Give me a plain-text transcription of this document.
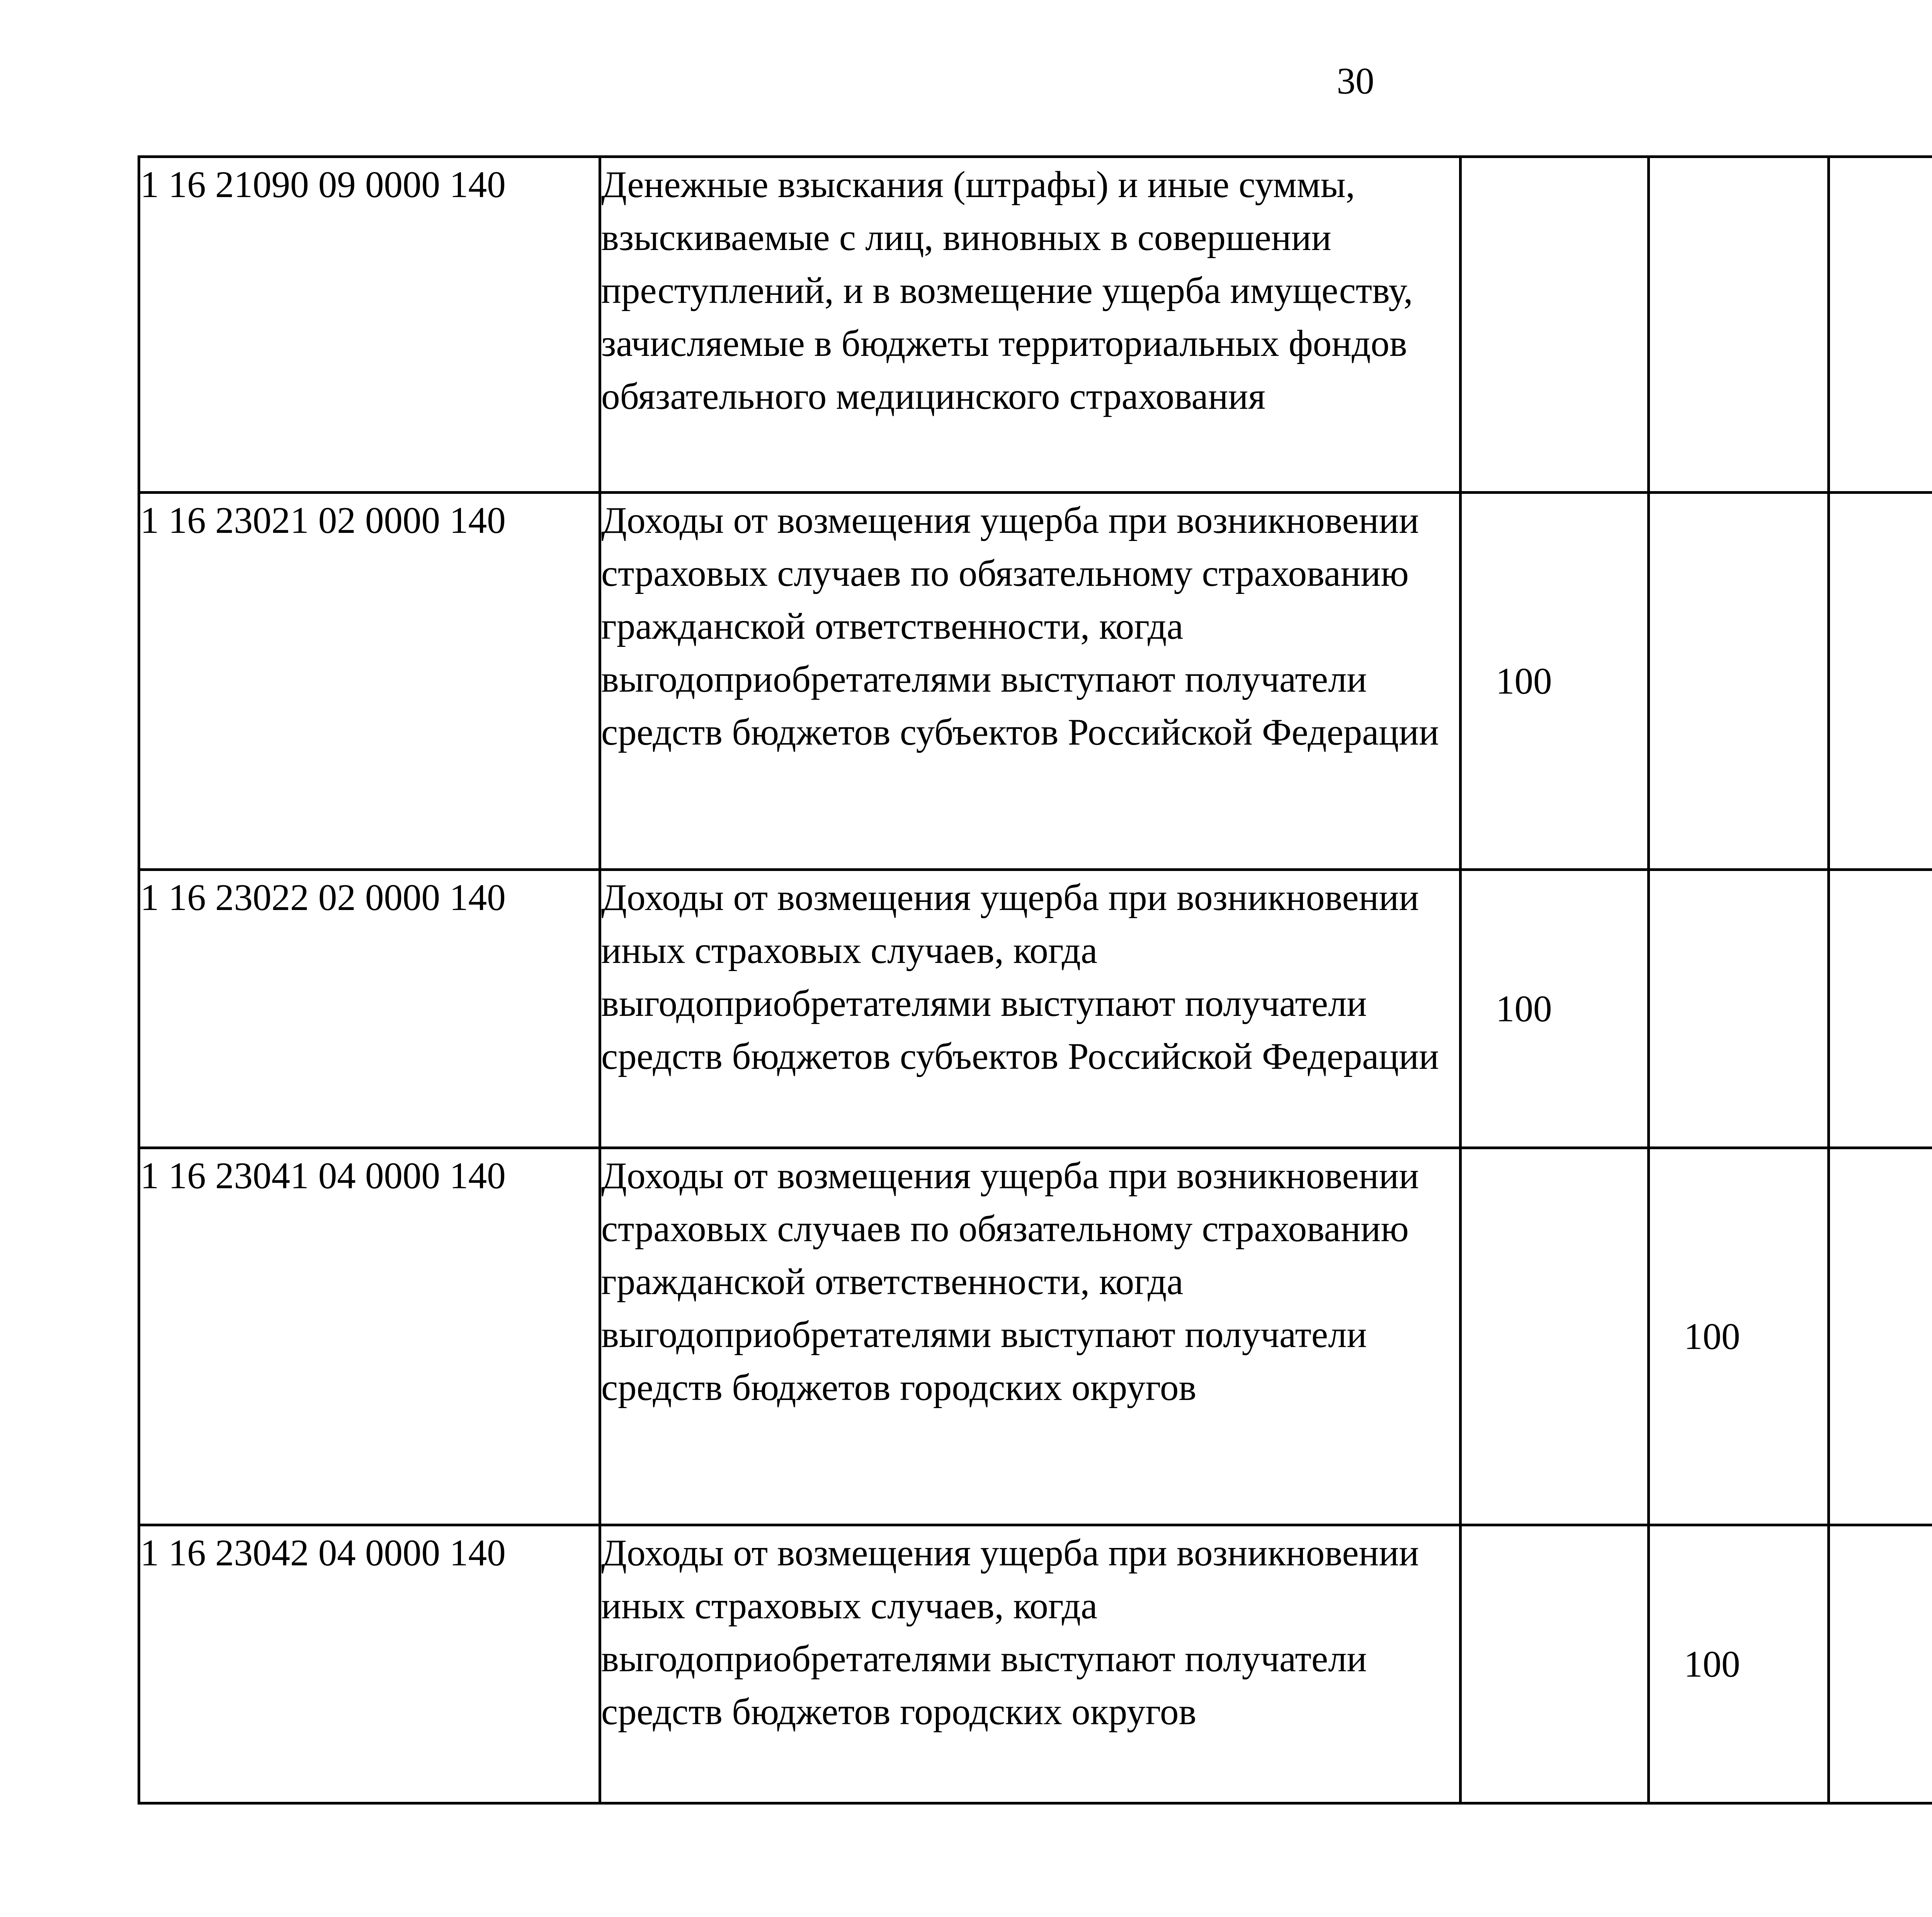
30
1 16 21090 09 0000 140	Денежные взыскания (штрафы) и иные суммы, взыскиваемые с лиц, виновных в совершении преступлений, и в возмещение ущерба имуществу, зачисляемые в бюджеты территориальных фондов обязательного медицинского страхования					
1 16 23021 02 0000 140	Доходы от возмещения ущерба при возникновении страховых случаев по обязательному страхованию гражданской ответственности, когда выгодоприобретателями выступают получатели средств бюджетов субъектов Российской Федерации	100				
1 16 23022 02 0000 140	Доходы от возмещения ущерба при возникновении иных страховых случаев, когда выгодоприобретателями выступают получатели средств бюджетов субъектов Российской Федерации	100				
1 16 23041 04 0000 140	Доходы от возмещения ущерба при возникновении страховых случаев по обязательному страхованию гражданской ответственности, когда выгодоприобретателями выступают получатели средств бюджетов городских округов		100			
1 16 23042 04 0000 140	Доходы от возмещения ущерба при возникновении иных страховых случаев, когда выгодоприобретателями выступают получатели средств бюджетов городских округов		100			
